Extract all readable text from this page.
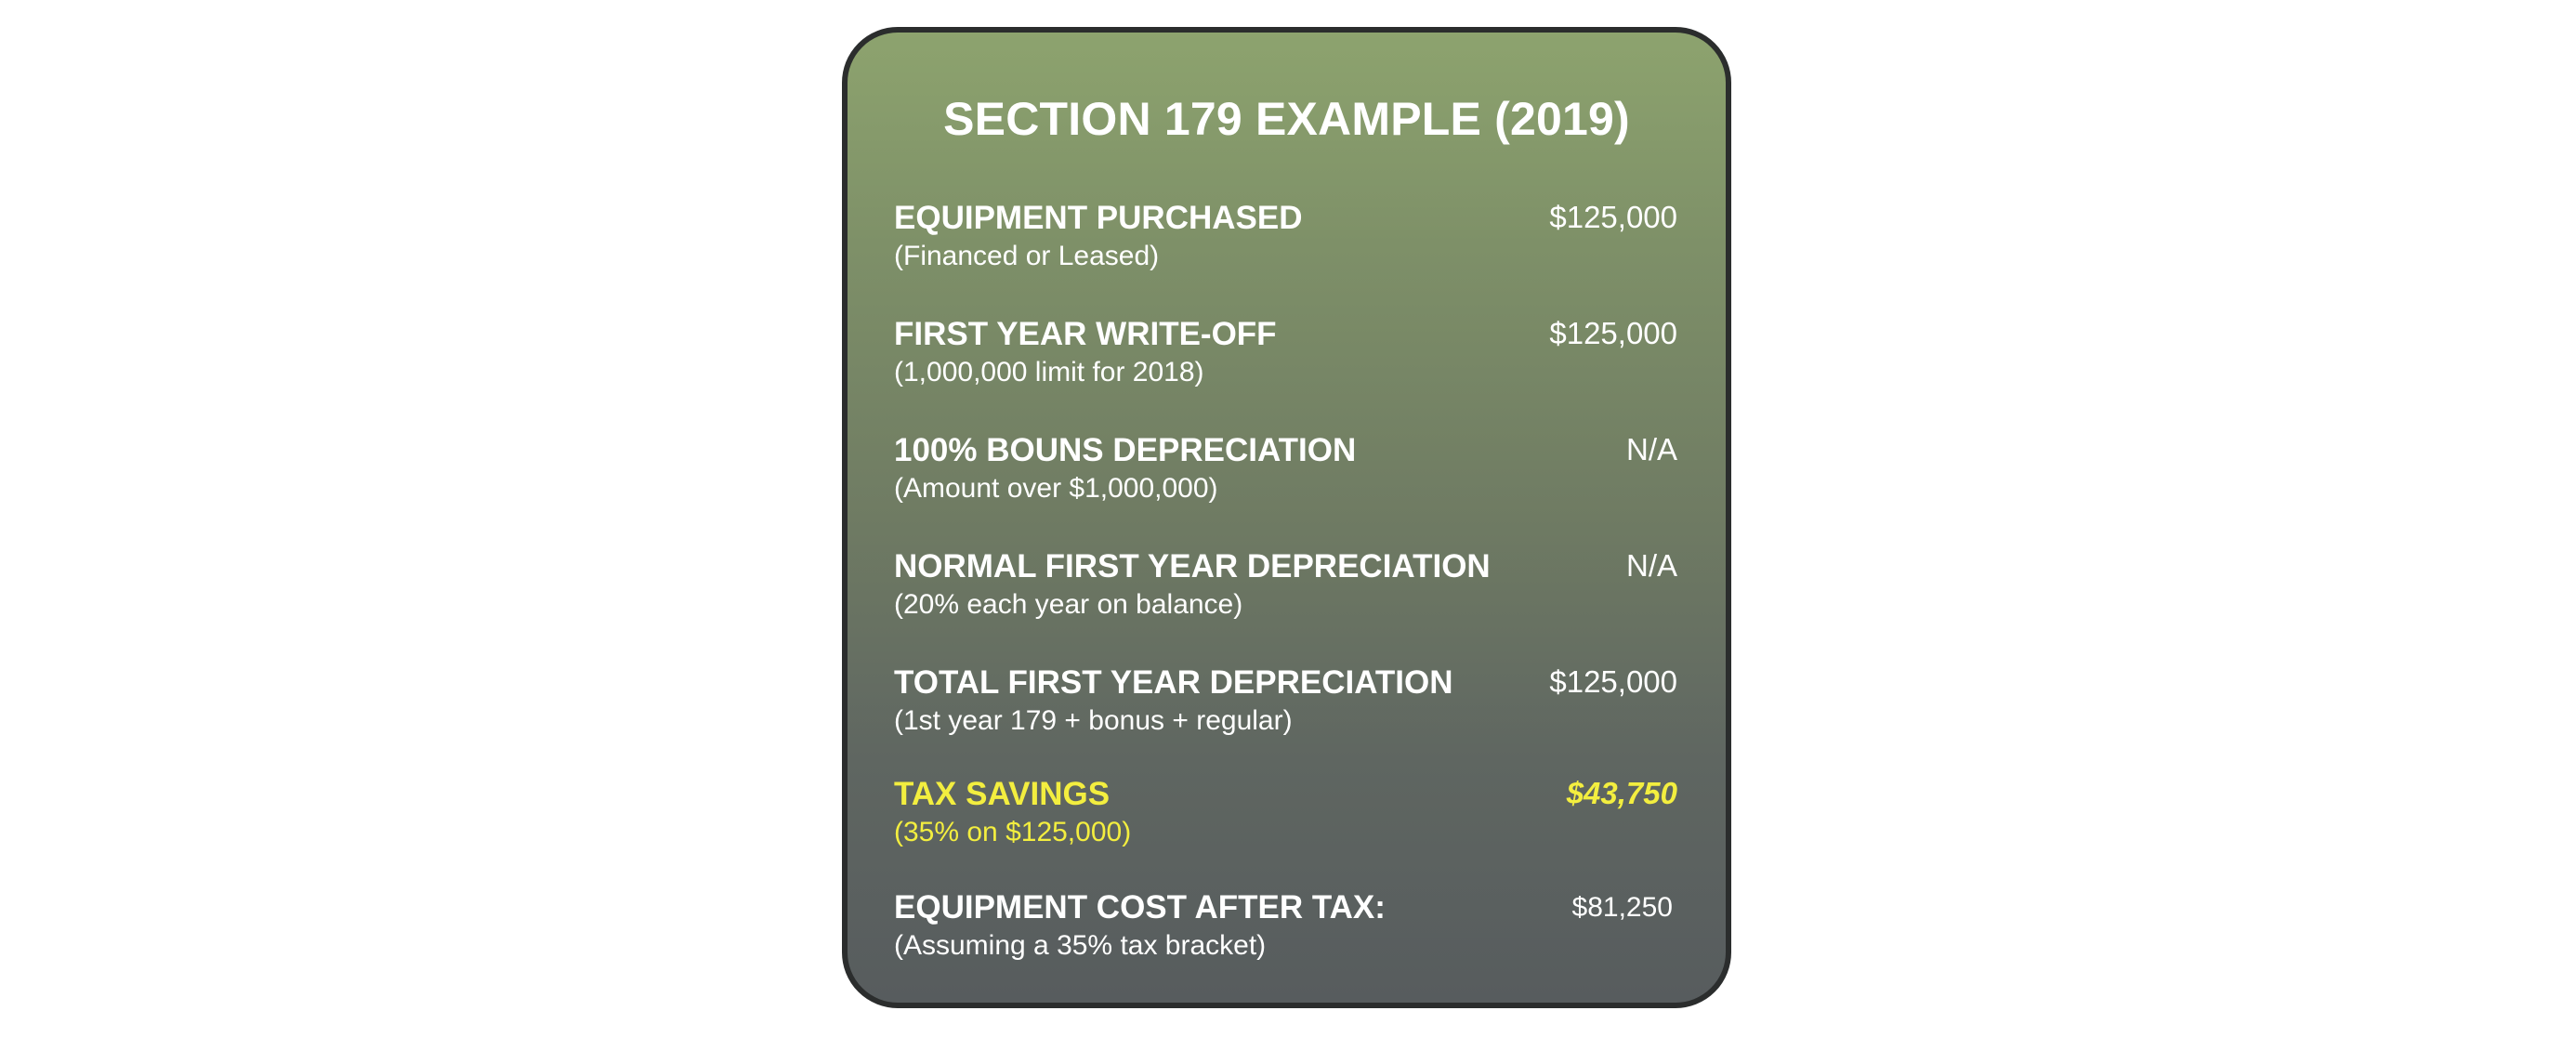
SECTION 179 EXAMPLE (2019)
EQUIPMENT PURCHASED
(Financed or Leased)
$125,000
FIRST YEAR WRITE-OFF
(1,000,000 limit for 2018)
$125,000
100% BOUNS DEPRECIATION
(Amount over $1,000,000)
N/A
NORMAL FIRST YEAR DEPRECIATION
(20% each year on balance)
N/A
TOTAL FIRST YEAR DEPRECIATION
(1st year 179 + bonus + regular)
$125,000
TAX SAVINGS
(35% on $125,000)
$43,750
EQUIPMENT COST AFTER TAX:
(Assuming a 35% tax bracket)
$81,250
